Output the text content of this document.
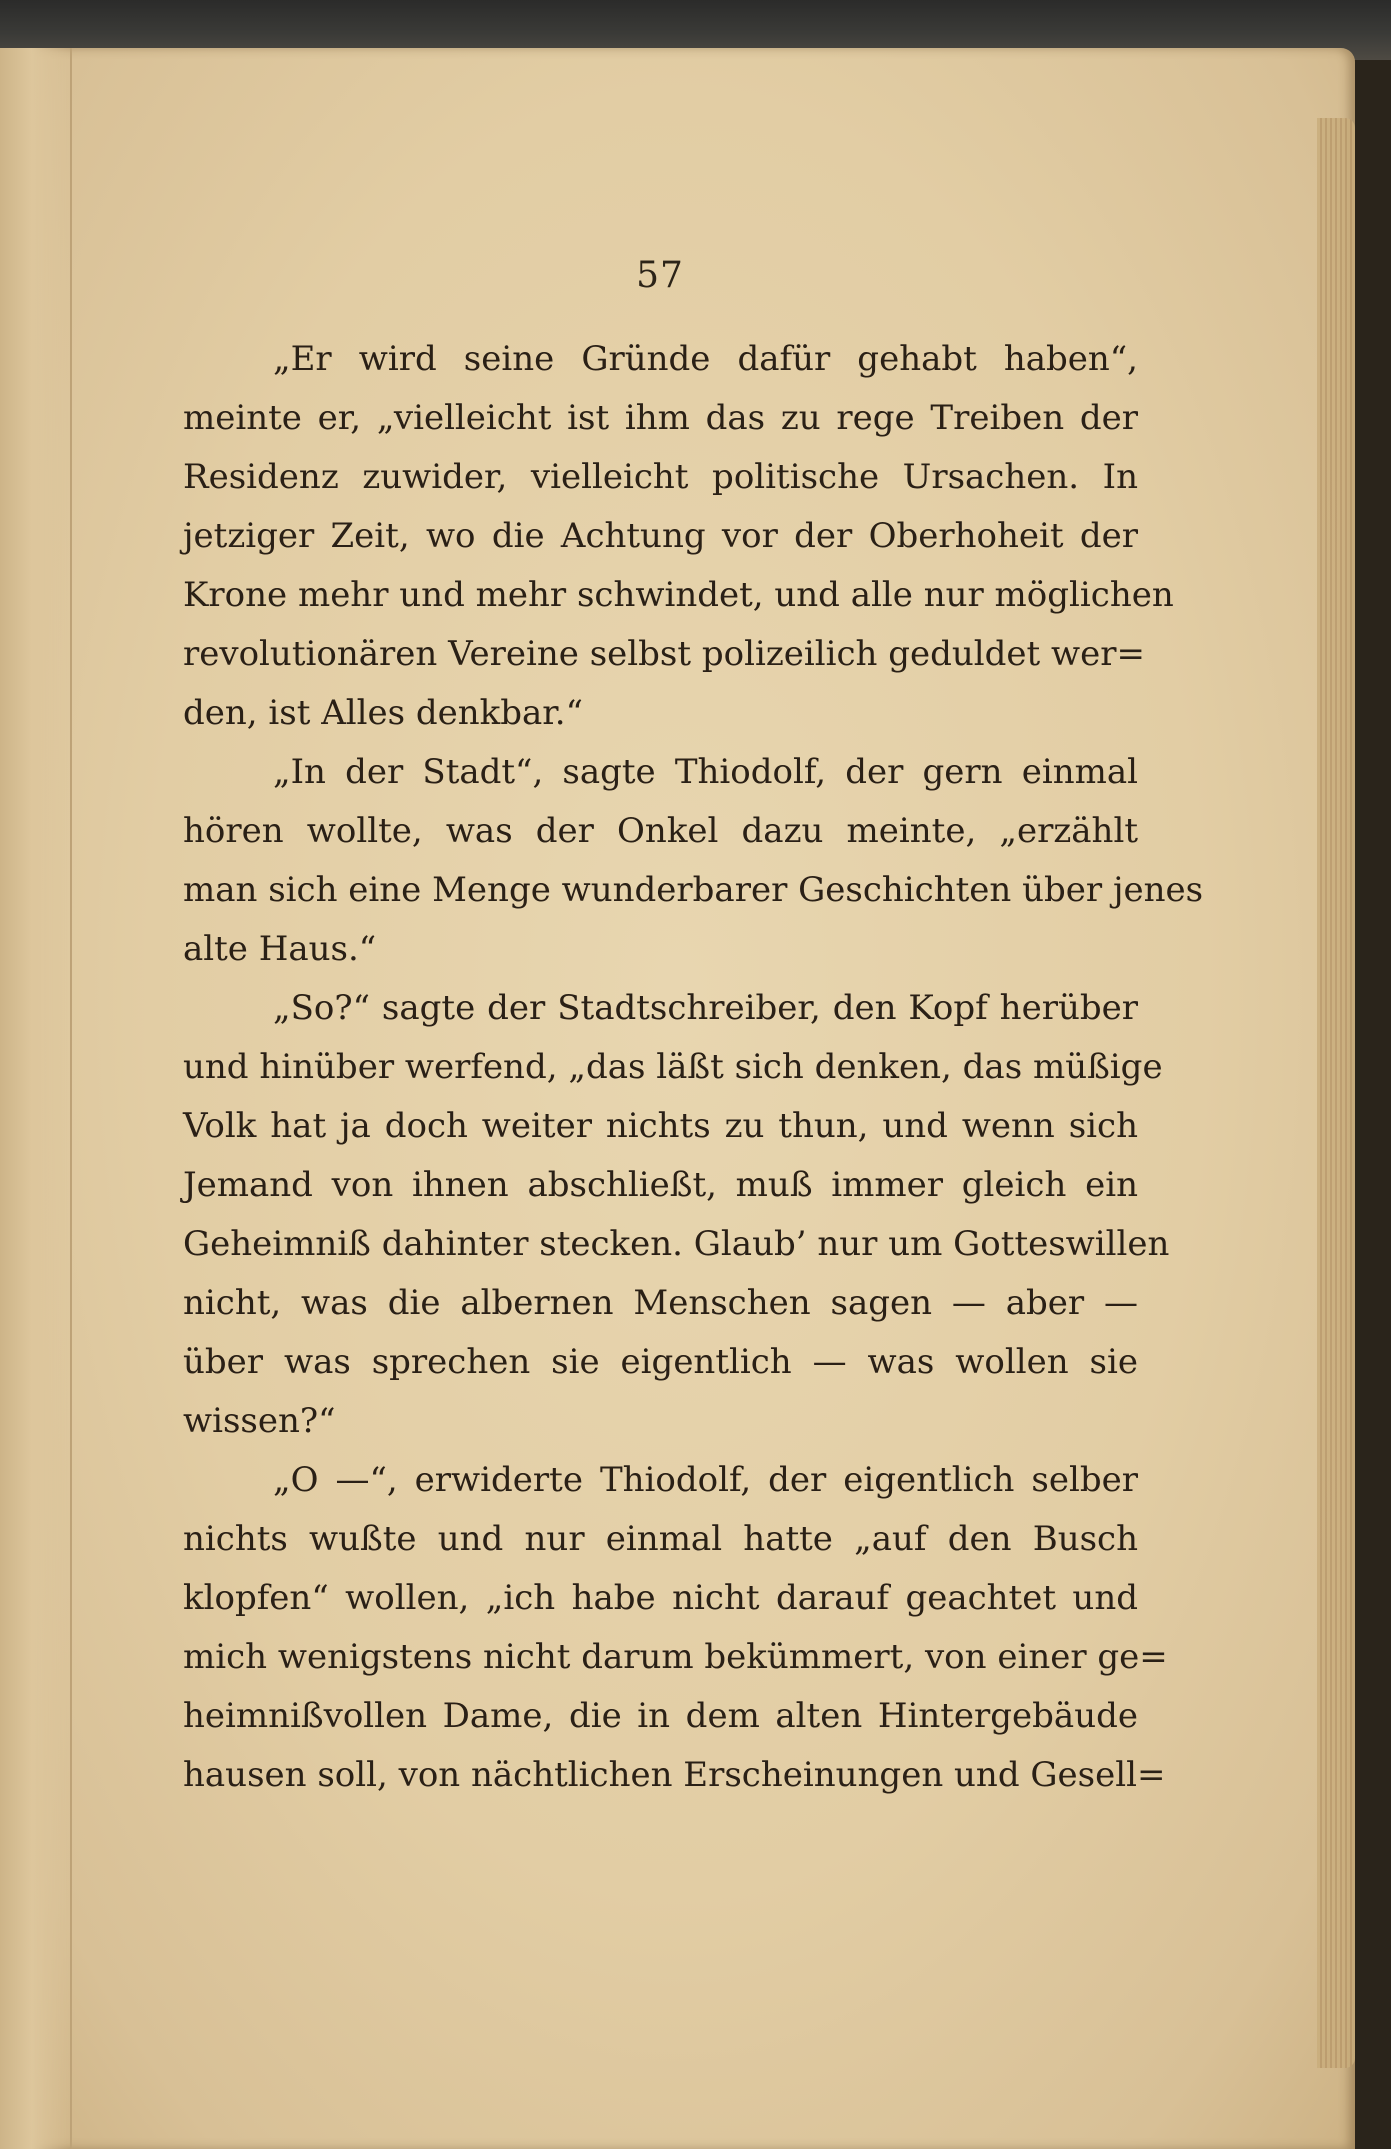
57
„Er wird seine Gründe dafür gehabt haben“,
meinte er, „vielleicht ist ihm das zu rege Treiben der
Residenz zuwider, vielleicht politische Ursachen. In
jetziger Zeit, wo die Achtung vor der Oberhoheit der
Krone mehr und mehr schwindet, und alle nur möglichen
revolutionären Vereine selbst polizeilich geduldet wer=
den, ist Alles denkbar.“
„In der Stadt“, sagte Thiodolf, der gern einmal
hören wollte, was der Onkel dazu meinte, „erzählt
man sich eine Menge wunderbarer Geschichten über jenes
alte Haus.“
„So?“ sagte der Stadtschreiber, den Kopf herüber
und hinüber werfend, „das läßt sich denken, das müßige
Volk hat ja doch weiter nichts zu thun, und wenn sich
Jemand von ihnen abschließt, muß immer gleich ein
Geheimniß dahinter stecken. Glaub’ nur um Gotteswillen
nicht, was die albernen Menschen sagen — aber —
über was sprechen sie eigentlich — was wollen sie
wissen?“
„O —“, erwiderte Thiodolf, der eigentlich selber
nichts wußte und nur einmal hatte „auf den Busch
klopfen“ wollen, „ich habe nicht darauf geachtet und
mich wenigstens nicht darum bekümmert, von einer ge=
heimnißvollen Dame, die in dem alten Hintergebäude
hausen soll, von nächtlichen Erscheinungen und Gesell=
